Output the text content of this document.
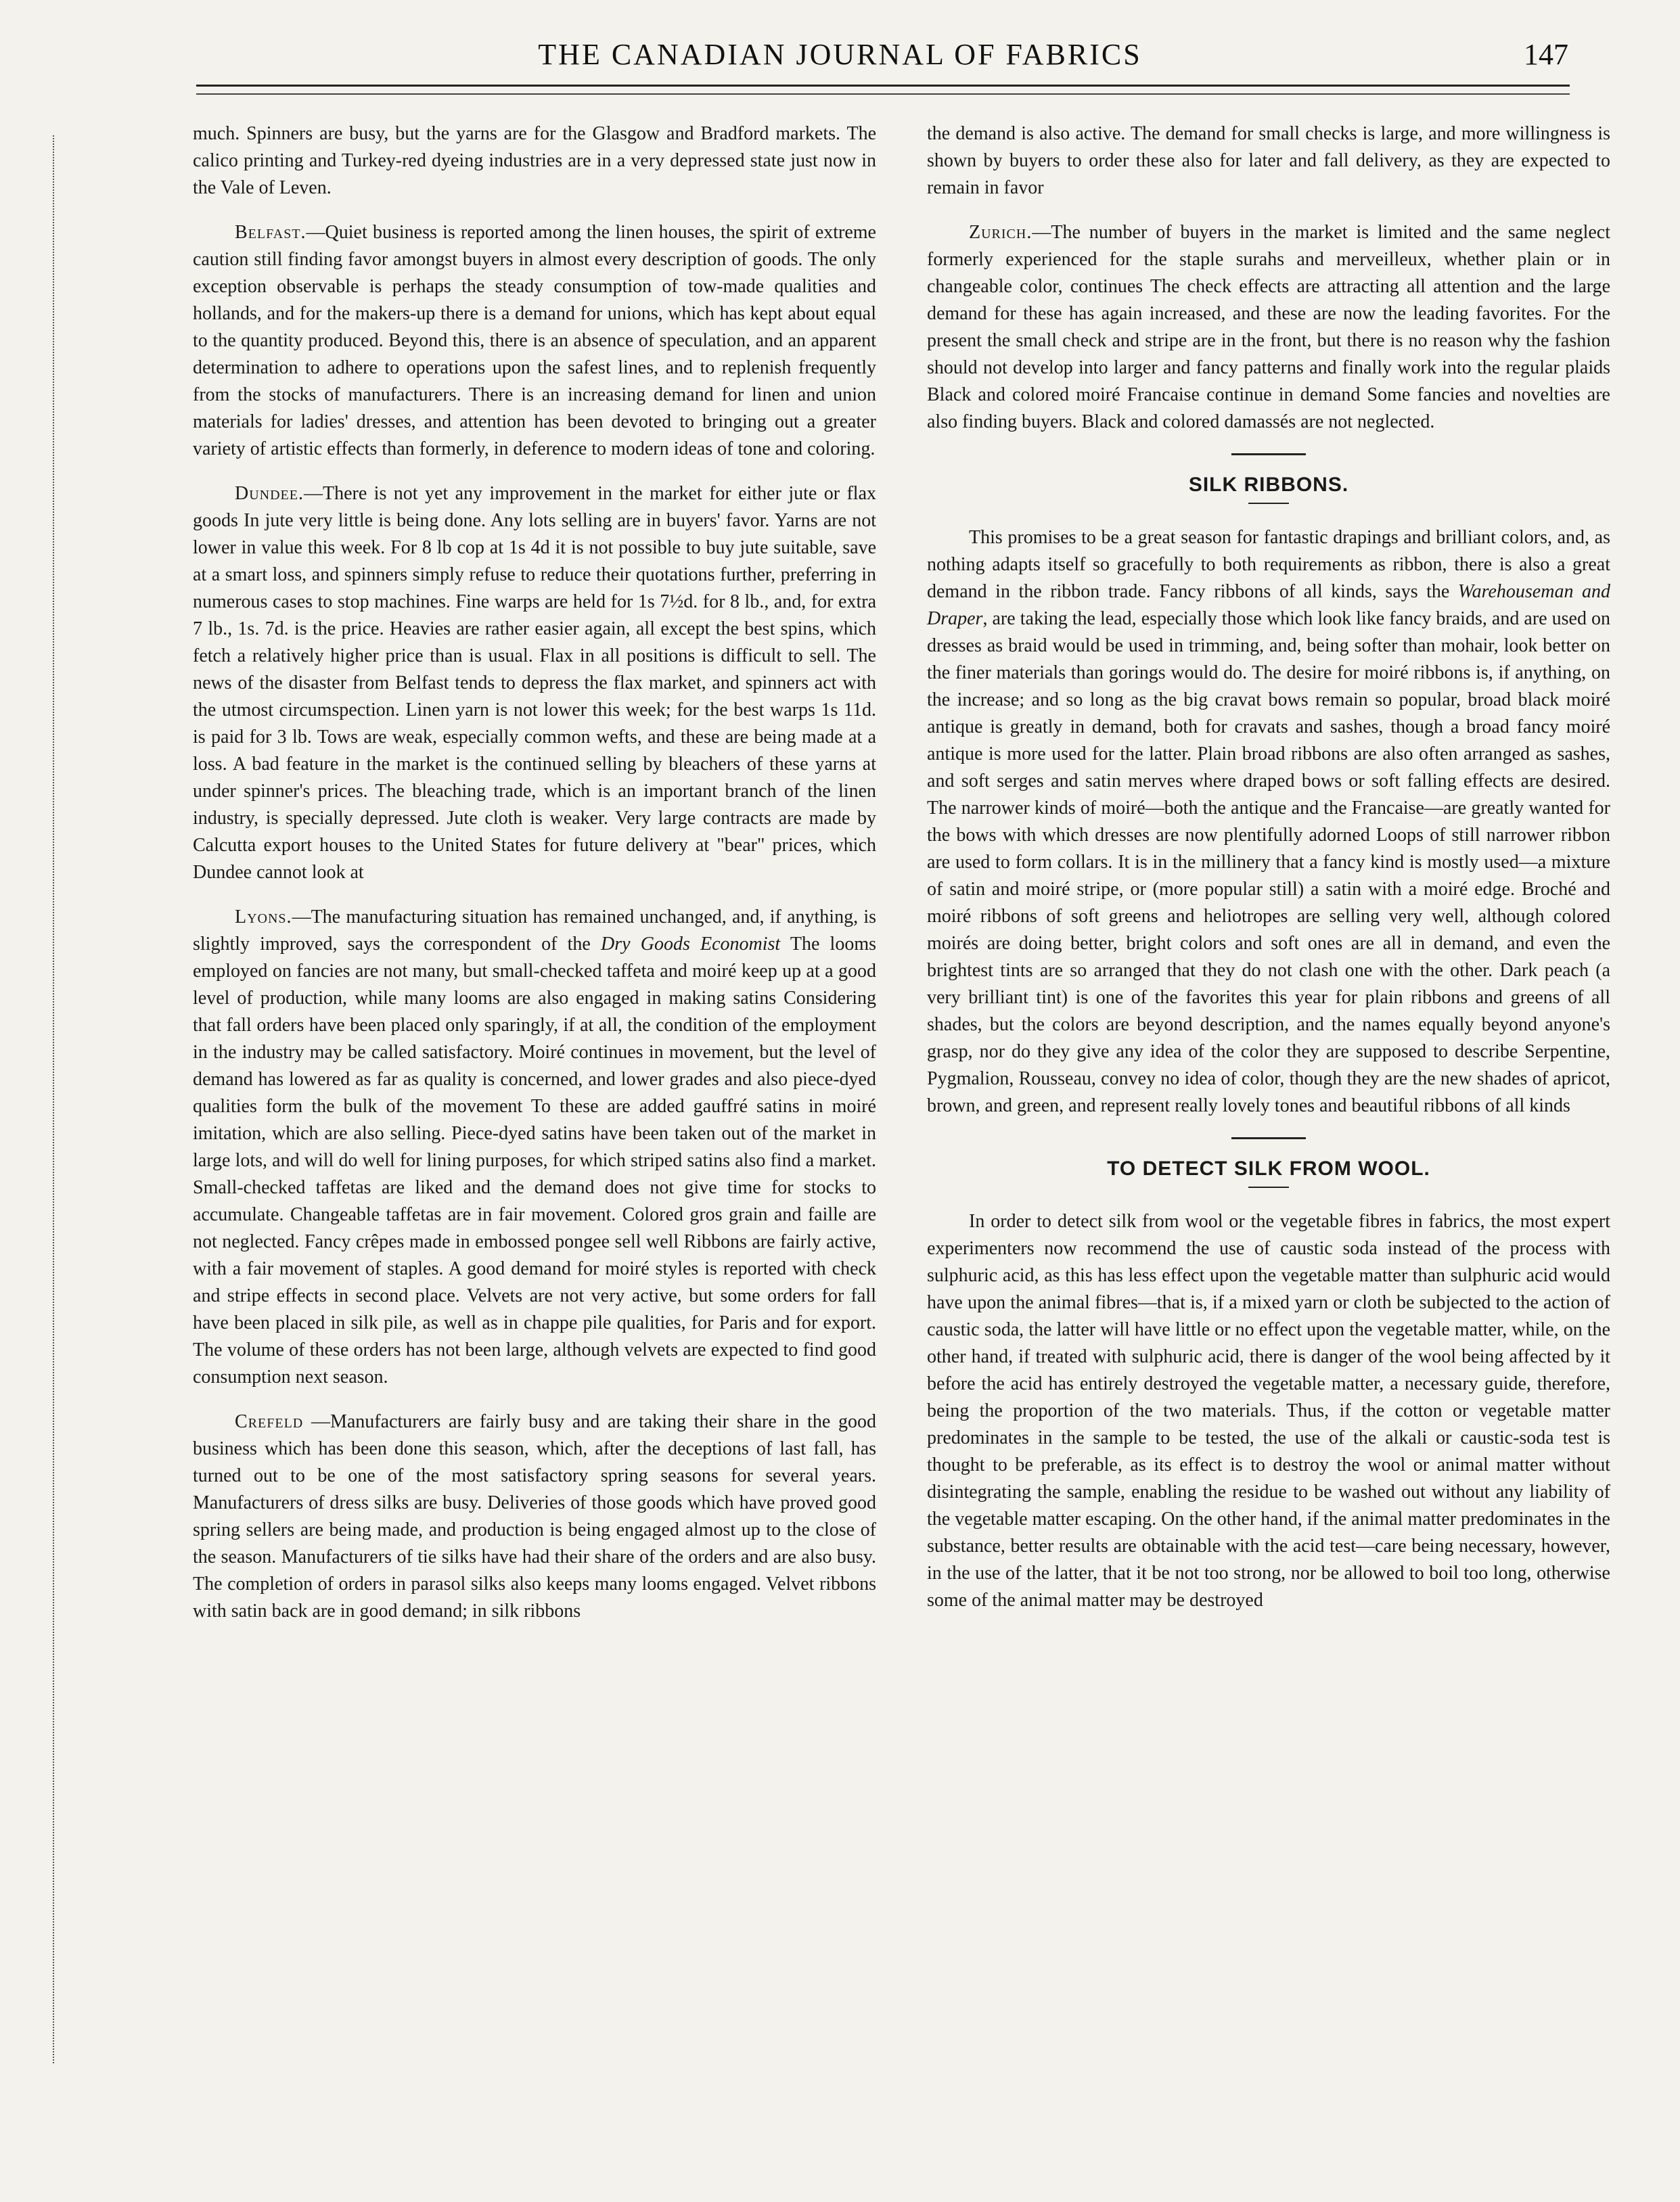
THE CANADIAN JOURNAL OF FABRICS	147

much. Spinners are busy, but the yarns are for the Glasgow and Bradford markets. The calico printing and Turkey-red dyeing industries are in a very depressed state just now in the Vale of Leven.

Belfast.—Quiet business is reported among the linen houses, the spirit of extreme caution still finding favor amongst buyers in almost every description of goods. The only exception observable is perhaps the steady consumption of tow-made qualities and hollands, and for the makers-up there is a demand for unions, which has kept about equal to the quantity produced. Beyond this, there is an absence of speculation, and an apparent determination to adhere to operations upon the safest lines, and to replenish frequently from the stocks of manufacturers. There is an increasing demand for linen and union materials for ladies' dresses, and attention has been devoted to bringing out a greater variety of artistic effects than formerly, in deference to modern ideas of tone and coloring.

Dundee.—There is not yet any improvement in the market for either jute or flax goods In jute very little is being done. Any lots selling are in buyers' favor. Yarns are not lower in value this week. For 8 lb cop at 1s 4d it is not possible to buy jute suitable, save at a smart loss, and spinners simply refuse to reduce their quotations further, preferring in numerous cases to stop machines. Fine warps are held for 1s 7½d. for 8 lb., and, for extra 7 lb., 1s. 7d. is the price. Heavies are rather easier again, all except the best spins, which fetch a relatively higher price than is usual. Flax in all positions is difficult to sell. The news of the disaster from Belfast tends to depress the flax market, and spinners act with the utmost circumspection. Linen yarn is not lower this week; for the best warps 1s 11d. is paid for 3 lb. Tows are weak, especially common wefts, and these are being made at a loss. A bad feature in the market is the continued selling by bleachers of these yarns at under spinner's prices. The bleaching trade, which is an important branch of the linen industry, is specially depressed. Jute cloth is weaker. Very large contracts are made by Calcutta export houses to the United States for future delivery at "bear" prices, which Dundee cannot look at

Lyons.—The manufacturing situation has remained unchanged, and, if anything, is slightly improved, says the correspondent of the Dry Goods Economist The looms employed on fancies are not many, but small-checked taffeta and moiré keep up at a good level of production, while many looms are also engaged in making satins Considering that fall orders have been placed only sparingly, if at all, the condition of the employment in the industry may be called satisfactory. Moiré continues in movement, but the level of demand has lowered as far as quality is concerned, and lower grades and also piece-dyed qualities form the bulk of the movement To these are added gauffré satins in moiré imitation, which are also selling. Piece-dyed satins have been taken out of the market in large lots, and will do well for lining purposes, for which striped satins also find a market. Small-checked taffetas are liked and the demand does not give time for stocks to accumulate. Changeable taffetas are in fair movement. Colored gros grain and faille are not neglected. Fancy crêpes made in embossed pongee sell well Ribbons are fairly active, with a fair movement of staples. A good demand for moiré styles is reported with check and stripe effects in second place. Velvets are not very active, but some orders for fall have been placed in silk pile, as well as in chappe pile qualities, for Paris and for export. The volume of these orders has not been large, although velvets are expected to find good consumption next season.

Crefeld —Manufacturers are fairly busy and are taking their share in the good business which has been done this season, which, after the deceptions of last fall, has turned out to be one of the most satisfactory spring seasons for several years. Manufacturers of dress silks are busy. Deliveries of those goods which have proved good spring sellers are being made, and production is being engaged almost up to the close of the season. Manufacturers of tie silks have had their share of the orders and are also busy. The completion of orders in parasol silks also keeps many looms engaged. Velvet ribbons with satin back are in good demand; in silk ribbons

the demand is also active. The demand for small checks is large, and more willingness is shown by buyers to order these also for later and fall delivery, as they are expected to remain in favor

Zurich.—The number of buyers in the market is limited and the same neglect formerly experienced for the staple surahs and merveilleux, whether plain or in changeable color, continues The check effects are attracting all attention and the large demand for these has again increased, and these are now the leading favorites. For the present the small check and stripe are in the front, but there is no reason why the fashion should not develop into larger and fancy patterns and finally work into the regular plaids Black and colored moiré Francaise continue in demand Some fancies and novelties are also finding buyers. Black and colored damassés are not neglected.

SILK RIBBONS.

This promises to be a great season for fantastic drapings and brilliant colors, and, as nothing adapts itself so gracefully to both requirements as ribbon, there is also a great demand in the ribbon trade. Fancy ribbons of all kinds, says the Warehouseman and Draper, are taking the lead, especially those which look like fancy braids, and are used on dresses as braid would be used in trimming, and, being softer than mohair, look better on the finer materials than gorings would do. The desire for moiré ribbons is, if anything, on the increase; and so long as the big cravat bows remain so popular, broad black moiré antique is greatly in demand, both for cravats and sashes, though a broad fancy moiré antique is more used for the latter. Plain broad ribbons are also often arranged as sashes, and soft serges and satin merves where draped bows or soft falling effects are desired. The narrower kinds of moiré—both the antique and the Francaise—are greatly wanted for the bows with which dresses are now plentifully adorned Loops of still narrower ribbon are used to form collars. It is in the millinery that a fancy kind is mostly used—a mixture of satin and moiré stripe, or (more popular still) a satin with a moiré edge. Broché and moiré ribbons of soft greens and heliotropes are selling very well, although colored moirés are doing better, bright colors and soft ones are all in demand, and even the brightest tints are so arranged that they do not clash one with the other. Dark peach (a very brilliant tint) is one of the favorites this year for plain ribbons and greens of all shades, but the colors are beyond description, and the names equally beyond anyone's grasp, nor do they give any idea of the color they are supposed to describe Serpentine, Pygmalion, Rousseau, convey no idea of color, though they are the new shades of apricot, brown, and green, and represent really lovely tones and beautiful ribbons of all kinds

TO DETECT SILK FROM WOOL.

In order to detect silk from wool or the vegetable fibres in fabrics, the most expert experimenters now recommend the use of caustic soda instead of the process with sulphuric acid, as this has less effect upon the vegetable matter than sulphuric acid would have upon the animal fibres—that is, if a mixed yarn or cloth be subjected to the action of caustic soda, the latter will have little or no effect upon the vegetable matter, while, on the other hand, if treated with sulphuric acid, there is danger of the wool being affected by it before the acid has entirely destroyed the vegetable matter, a necessary guide, therefore, being the proportion of the two materials. Thus, if the cotton or vegetable matter predominates in the sample to be tested, the use of the alkali or caustic-soda test is thought to be preferable, as its effect is to destroy the wool or animal matter without disintegrating the sample, enabling the residue to be washed out without any liability of the vegetable matter escaping. On the other hand, if the animal matter predominates in the substance, better results are obtainable with the acid test—care being necessary, however, in the use of the latter, that it be not too strong, nor be allowed to boil too long, otherwise some of the animal matter may be destroyed
